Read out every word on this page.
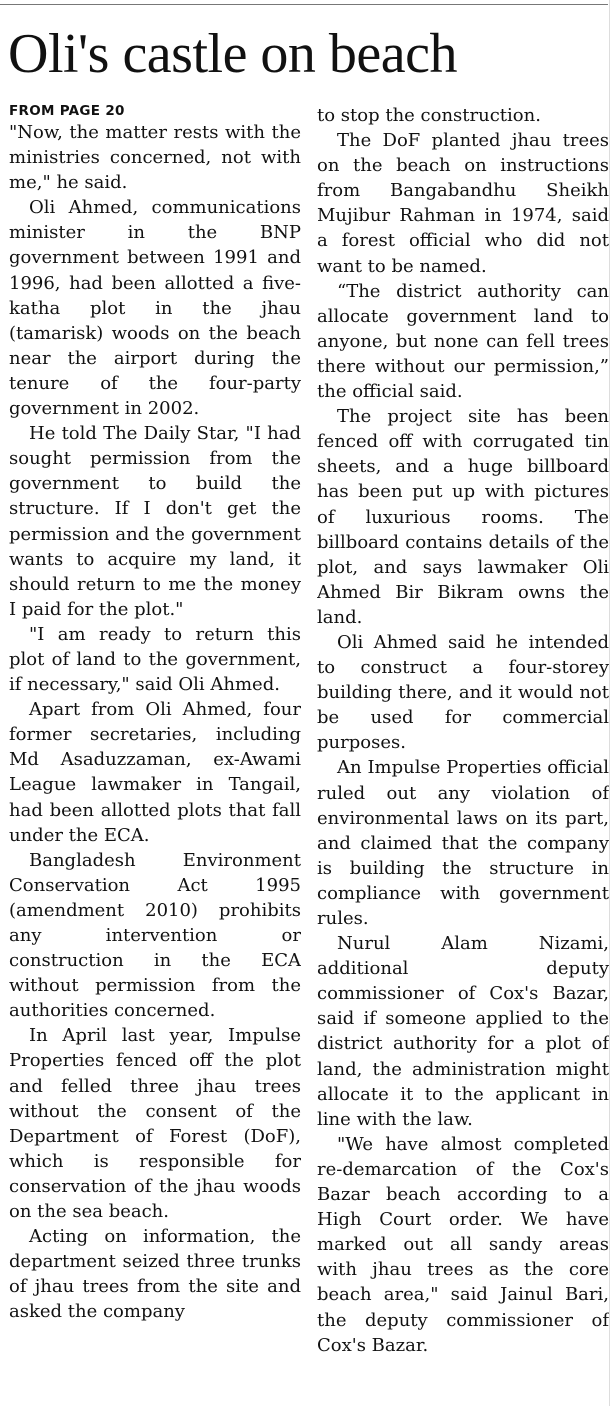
Oli's castle on beach
FROM PAGE 20

"Now, the matter rests with the ministries concerned, not with me," he said.

Oli Ahmed, communications minister in the BNP government between 1991 and 1996, had been allotted a five-katha plot in the jhau (tamarisk) woods on the beach near the airport during the tenure of the four-party government in 2002.

He told The Daily Star, "I had sought permission from the government to build the structure. If I don't get the permission and the government wants to acquire my land, it should return to me the money I paid for the plot."

"I am ready to return this plot of land to the government, if necessary," said Oli Ahmed.

Apart from Oli Ahmed, four former secretaries, including Md Asaduzzaman, ex-Awami League lawmaker in Tangail, had been allotted plots that fall under the ECA.

Bangladesh Environment Conservation Act 1995 (amendment 2010) prohibits any intervention or construction in the ECA without permission from the authorities concerned.

In April last year, Impulse Properties fenced off the plot and felled three jhau trees without the consent of the Department of Forest (DoF), which is responsible for conservation of the jhau woods on the sea beach.

Acting on information, the department seized three trunks of jhau trees from the site and asked the company

to stop the construction.

The DoF planted jhau trees on the beach on instructions from Bangabandhu Sheikh Mujibur Rahman in 1974, said a forest official who did not want to be named.

“The district authority can allocate government land to anyone, but none can fell trees there without our permission,” the official said.

The project site has been fenced off with corrugated tin sheets, and a huge billboard has been put up with pictures of luxurious rooms. The billboard contains details of the plot, and says lawmaker Oli Ahmed Bir Bikram owns the land.

Oli Ahmed said he intended to construct a four-storey building there, and it would not be used for commercial purposes.

An Impulse Properties official ruled out any violation of environmental laws on its part, and claimed that the company is building the structure in compliance with government rules.

Nurul Alam Nizami, additional deputy commissioner of Cox's Bazar, said if someone applied to the district authority for a plot of land, the administration might allocate it to the applicant in line with the law.

"We have almost completed re-demarcation of the Cox's Bazar beach according to a High Court order. We have marked out all sandy areas with jhau trees as the core beach area," said Jainul Bari, the deputy commissioner of Cox's Bazar.
